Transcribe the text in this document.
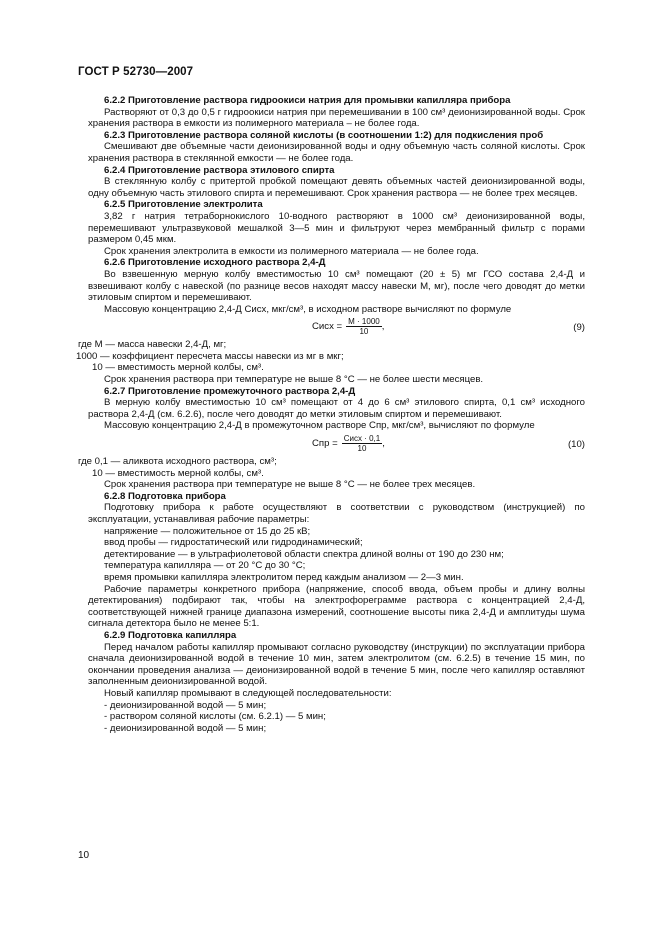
ГОСТ Р 52730—2007
6.2.2 Приготовление раствора гидроокиси натрия для промывки капилляра прибора
Растворяют от 0,3 до 0,5 г гидроокиси натрия при перемешивании в 100 см³ деионизированной воды. Срок хранения раствора в емкости из полимерного материала – не более года.
6.2.3 Приготовление раствора соляной кислоты (в соотношении 1:2) для подкисления проб
Смешивают две объемные части деионизированной воды и одну объемную часть соляной кислоты. Срок хранения раствора в стеклянной емкости — не более года.
6.2.4 Приготовление раствора этилового спирта
В стеклянную колбу с притертой пробкой помещают девять объемных частей деионизированной воды, одну объемную часть этилового спирта и перемешивают. Срок хранения раствора — не более трех месяцев.
6.2.5 Приготовление электролита
3,82 г натрия тетраборнокислого 10-водного растворяют в 1000 см³ деионизированной воды, перемешивают ультразвуковой мешалкой 3—5 мин и фильтруют через мембранный фильтр с порами размером 0,45 мкм.
Срок хранения электролита в емкости из полимерного материала — не более года.
6.2.6 Приготовление исходного раствора 2,4-Д
Во взвешенную мерную колбу вместимостью 10 см³ помещают (20 ± 5) мг ГСО состава 2,4-Д и взвешивают колбу с навеской (по разнице весов находят массу навески М, мг), после чего доводят до метки этиловым спиртом и перемешивают.
Массовую концентрацию 2,4-Д Сисх, мкг/см³, в исходном растворе вычисляют по формуле
Сисх = $\frac{М \cdot 1000}{10}$ ,	(9)
где М — масса навески 2,4-Д, мг;
1000 — коэффициент пересчета массы навески из мг в мкг;
10 — вместимость мерной колбы, см³.
Срок хранения раствора при температуре не выше 8 °С — не более шести месяцев.
6.2.7 Приготовление промежуточного раствора 2,4-Д
В мерную колбу вместимостью 10 см³ помещают от 4 до 6 см³ этилового спирта, 0,1 см³ исходного раствора 2,4-Д (см. 6.2.6), после чего доводят до метки этиловым спиртом и перемешивают.
Массовую концентрацию 2,4-Д в промежуточном растворе Спр, мкг/см³, вычисляют по формуле
Спр = $\frac{\text{Сисх · 0,1}}{10}$ ,	(10)
где 0,1 — аликвота исходного раствора, см³;
10 — вместимость мерной колбы, см³.
Срок хранения раствора при температуре не выше 8 °С — не более трех месяцев.
6.2.8 Подготовка прибора
Подготовку прибора к работе осуществляют в соответствии с руководством (инструкцией) по эксплуатации, устанавливая рабочие параметры:
напряжение — положительное от 15 до 25 кВ;
ввод пробы — гидростатический или гидродинамический;
детектирование — в ультрафиолетовой области спектра длиной волны от 190 до 230 нм;
температура капилляра — от 20 °С до 30 °С;
время промывки капилляра электролитом перед каждым анализом — 2—3 мин.
Рабочие параметры конкретного прибора (напряжение, способ ввода, объем пробы и длину волны детектирования) подбирают так, чтобы на электрофореграмме раствора с концентрацией 2,4-Д, соответствующей нижней границе диапазона измерений, соотношение высоты пика 2,4-Д и амплитуды шума сигнала детектора было не менее 5:1.
6.2.9 Подготовка капилляра
Перед началом работы капилляр промывают согласно руководству (инструкции) по эксплуатации прибора сначала деионизированной водой в течение 10 мин, затем электролитом (см. 6.2.5) в течение 15 мин, по окончании проведения анализа — деионизированной водой в течение 5 мин, после чего капилляр оставляют заполненным деионизированной водой.
Новый капилляр промывают в следующей последовательности:
- деионизированной водой — 5 мин;
- раствором соляной кислоты (см. 6.2.1) — 5 мин;
- деионизированной водой — 5 мин;
10
